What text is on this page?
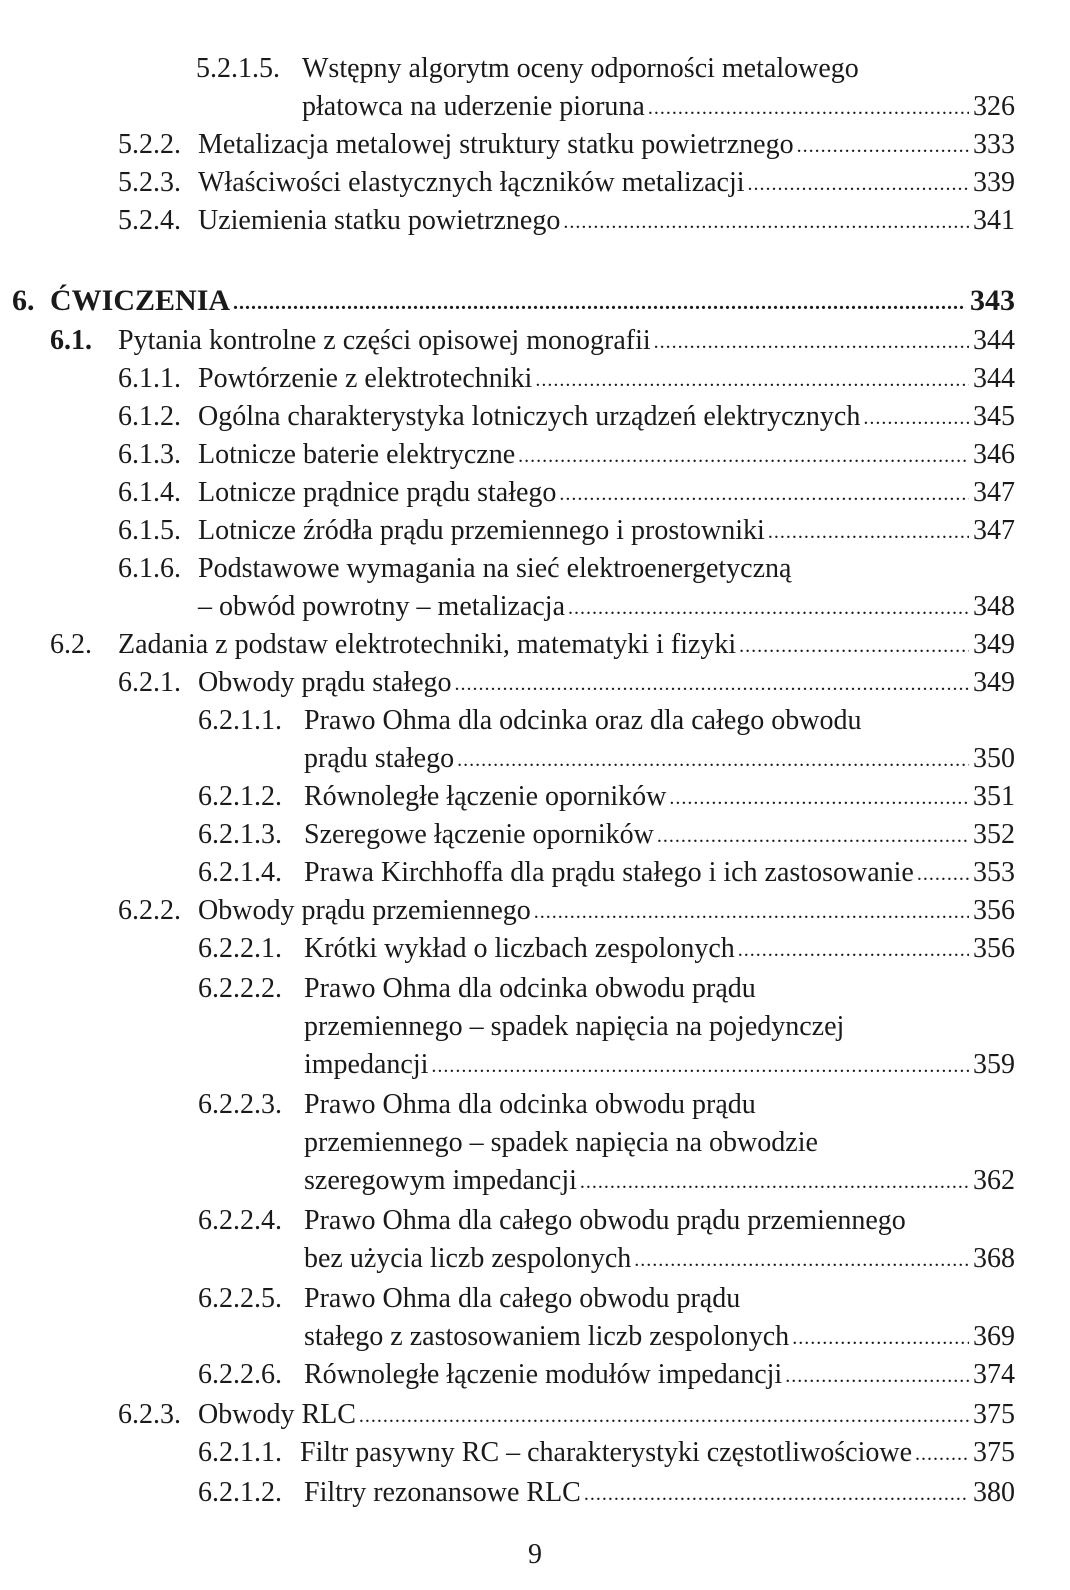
5.2.1.5. Wstępny algorytm oceny odporności metalowego
płatowca na uderzenie pioruna .....	326
5.2.2. Metalizacja metalowej struktury statku powietrznego .....	333
5.2.3. Właściwości elastycznych łączników metalizacji .....	339
5.2.4. Uziemienia statku powietrznego .....	341
6. ĆWICZENIA .....	343
6.1. Pytania kontrolne z części opisowej monografii .....	344
6.1.1. Powtórzenie z elektrotechniki .....	344
6.1.2. Ogólna charakterystyka lotniczych urządzeń elektrycznych .....	345
6.1.3. Lotnicze baterie elektryczne .....	346
6.1.4. Lotnicze prądnice prądu stałego .....	347
6.1.5. Lotnicze źródła prądu przemiennego i prostowniki .....	347
6.1.6. Podstawowe wymagania na sieć elektroenergetyczną
– obwód powrotny – metalizacja .....	348
6.2. Zadania z podstaw elektrotechniki, matematyki i fizyki .....	349
6.2.1. Obwody prądu stałego .....	349
6.2.1.1. Prawo Ohma dla odcinka oraz dla całego obwodu
prądu stałego .....	350
6.2.1.2. Równoległe łączenie oporników .....	351
6.2.1.3. Szeregowe łączenie oporników .....	352
6.2.1.4. Prawa Kirchhoffa dla prądu stałego i ich zastosowanie ..... 353
6.2.2. Obwody prądu przemiennego .....	356
6.2.2.1. Krótki wykład o liczbach zespolonych .....	356
6.2.2.2. Prawo Ohma dla odcinka obwodu prądu
przemiennego – spadek napięcia na pojedynczej
impedancji .....	359
6.2.2.3. Prawo Ohma dla odcinka obwodu prądu
przemiennego – spadek napięcia na obwodzie
szeregowym impedancji .....	362
6.2.2.4. Prawo Ohma dla całego obwodu prądu przemiennego
bez użycia liczb zespolonych .....	368
6.2.2.5. Prawo Ohma dla całego obwodu prądu
stałego z zastosowaniem liczb zespolonych .....	369
6.2.2.6. Równoległe łączenie modułów impedancji .....	374
6.2.3. Obwody RLC .....	375
6.2.1.1. Filtr pasywny RC – charakterystyki częstotliwościowe ..... 375
6.2.1.2. Filtry rezonansowe RLC .....	380
9
